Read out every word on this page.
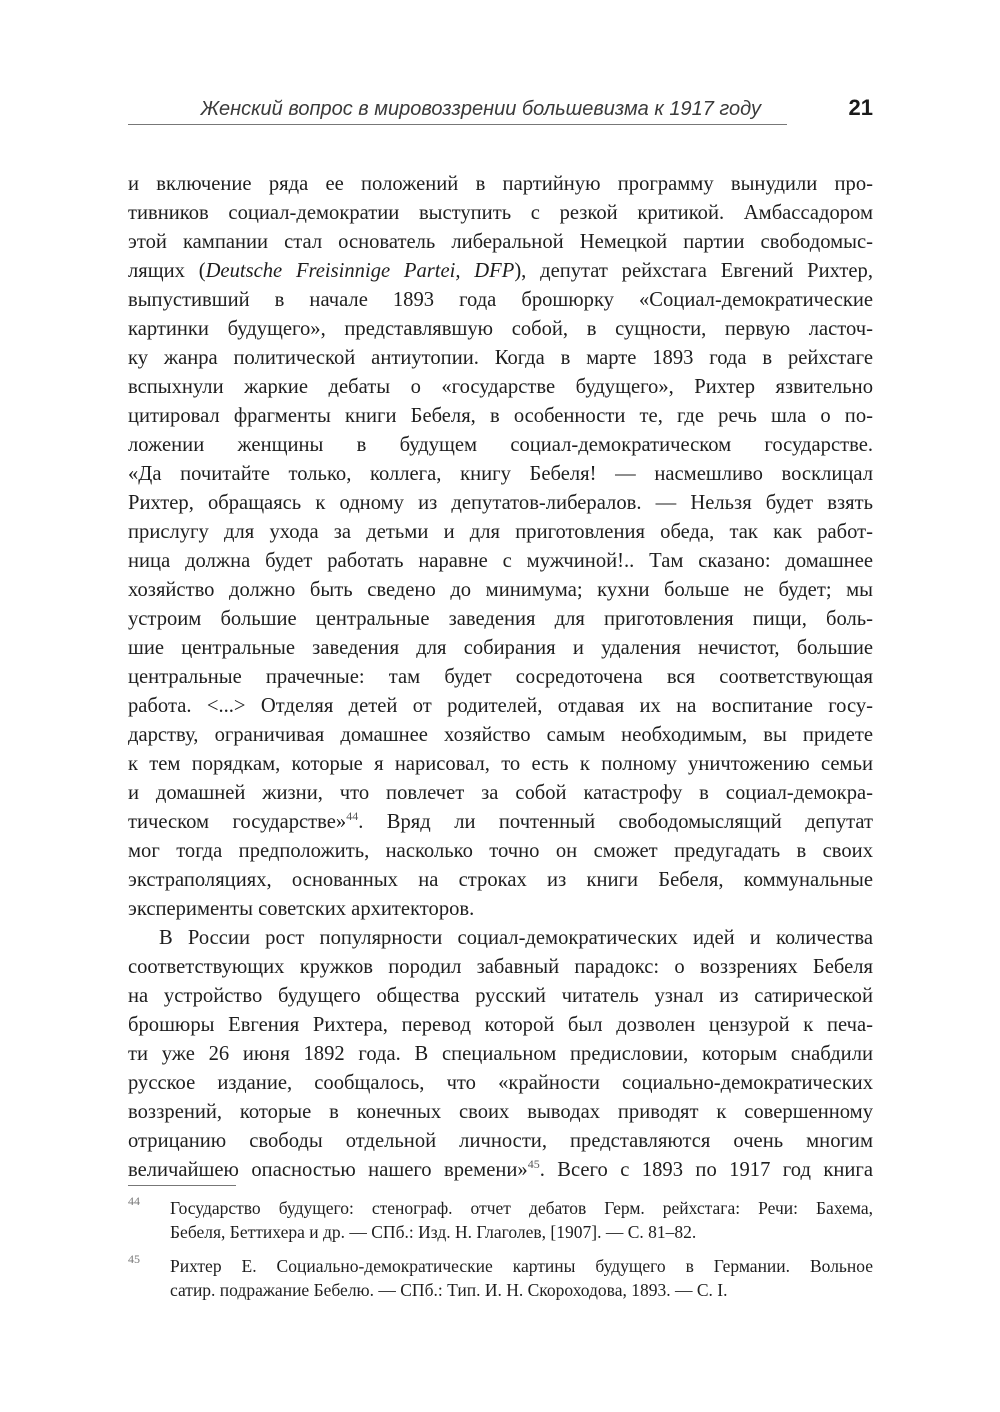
Женский вопрос в мировоззрении большевизма к 1917 году	21
и включение ряда ее положений в партийную программу вынудили про-
тивников социал-демократии выступить с резкой критикой. Амбассадором
этой кампании стал основатель либеральной Немецкой партии свободомыс-
лящих (Deutsche Freisinnige Partei, DFP), депутат рейхстага Евгений Рихтер,
выпустивший в начале 1893 года брошюрку «Социал-демократические
картинки будущего», представлявшую собой, в сущности, первую ласточ-
ку жанра политической антиутопии. Когда в марте 1893 года в рейхстаге
вспыхнули жаркие дебаты о «государстве будущего», Рихтер язвительно
цитировал фрагменты книги Бебеля, в особенности те, где речь шла о по-
ложении женщины в будущем социал-демократическом государстве.
«Да почитайте только, коллега, книгу Бебеля! — насмешливо восклицал
Рихтер, обращаясь к одному из депутатов-либералов. — Нельзя будет взять
прислугу для ухода за детьми и для приготовления обеда, так как работ-
ница должна будет работать наравне с мужчиной!.. Там сказано: домашнее
хозяйство должно быть сведено до минимума; кухни больше не будет; мы
устроим большие центральные заведения для приготовления пищи, боль-
шие центральные заведения для собирания и удаления нечистот, большие
центральные прачечные: там будет сосредоточена вся соответствующая
работа. <...> Отделяя детей от родителей, отдавая их на воспитание госу-
дарству, ограничивая домашнее хозяйство самым необходимым, вы придете
к тем порядкам, которые я нарисовал, то есть к полному уничтожению семьи
и домашней жизни, что повлечет за собой катастрофу в социал-демокра-
тическом государстве»$^{44}$. Вряд ли почтенный свободомыслящий депутат
мог тогда предположить, насколько точно он сможет предугадать в своих
экстраполяциях, основанных на строках из книги Бебеля, коммунальные
эксперименты советских архитекторов.
В России рост популярности социал-демократических идей и количества
соответствующих кружков породил забавный парадокс: о воззрениях Бебеля
на устройство будущего общества русский читатель узнал из сатирической
брошюры Евгения Рихтера, перевод которой был дозволен цензурой к печа-
ти уже 26 июня 1892 года. В специальном предисловии, которым снабдили
русское издание, сообщалось, что «крайности социально-демократических
воззрений, которые в конечных своих выводах приводят к совершенному
отрицанию свободы отдельной личности, представляются очень многим
величайшею опасностью нашего времени»$^{45}$. Всего с 1893 по 1917 год книга
44 Государство будущего: стенограф. отчет дебатов Герм. рейхстага: Речи: Бахема,
Бебеля, Беттихера и др. — СПб.: Изд. Н. Глаголев, [1907]. — С. 81–82.
45 Рихтер Е. Социально-демократические картины будущего в Германии. Вольное
сатир. подражание Бебелю. — СПб.: Тип. И. Н. Скороходова, 1893. — С. I.
